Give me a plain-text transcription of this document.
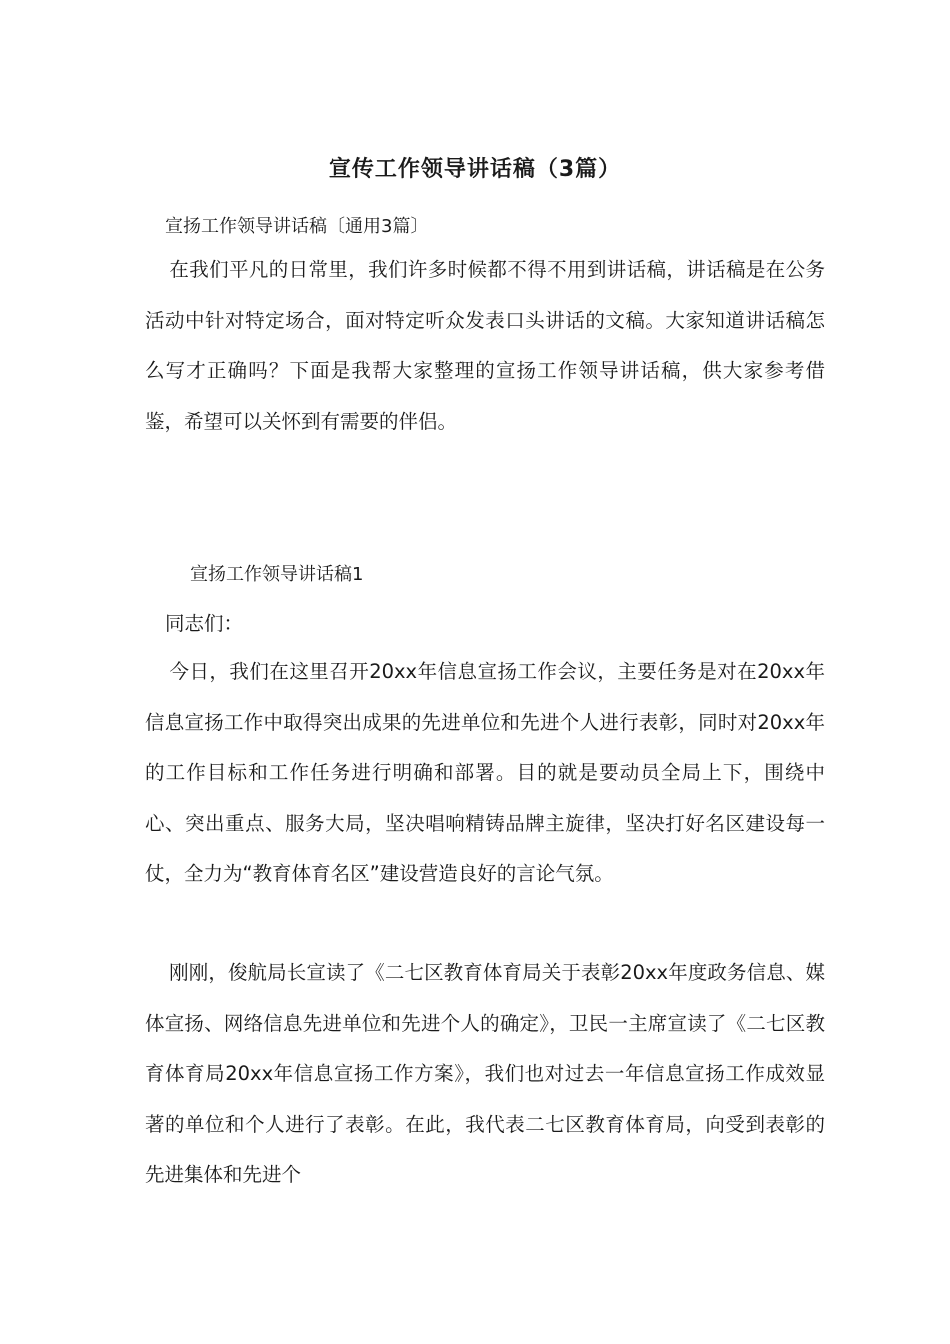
宣传工作领导讲话稿（3篇）

宣扬工作领导讲话稿〔通用3篇〕

在我们平凡的日常里，我们许多时候都不得不用到讲话稿，讲话稿是在公务活动中针对特定场合，面对特定听众发表口头讲话的文稿。大家知道讲话稿怎么写才正确吗？下面是我帮大家整理的宣扬工作领导讲话稿，供大家参考借鉴，希望可以关怀到有需要的伴侣。

宣扬工作领导讲话稿1

同志们：

今日，我们在这里召开20xx年信息宣扬工作会议，主要任务是对在20xx年信息宣扬工作中取得突出成果的先进单位和先进个人进行表彰，同时对20xx年的工作目标和工作任务进行明确和部署。目的就是要动员全局上下，围绕中心、突出重点、服务大局，坚决唱响精铸品牌主旋律，坚决打好名区建设每一仗，全力为“教育体育名区”建设营造良好的言论气氛。

刚刚，俊航局长宣读了《二七区教育体育局关于表彰20xx年度政务信息、媒体宣扬、网络信息先进单位和先进个人的确定》，卫民一主席宣读了《二七区教育体育局20xx年信息宣扬工作方案》，我们也对过去一年信息宣扬工作成效显著的单位和个人进行了表彰。在此，我代表二七区教育体育局，向受到表彰的先进集体和先进个
